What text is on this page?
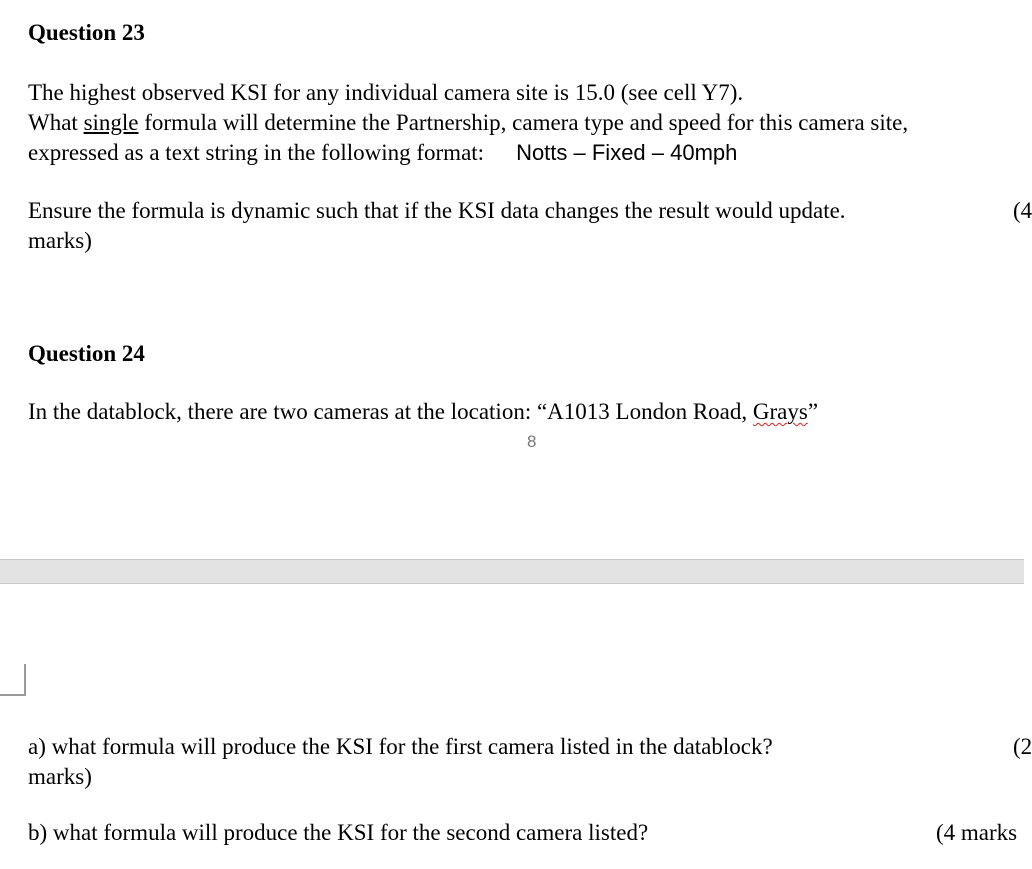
Question 23
The highest observed KSI for any individual camera site is 15.0 (see cell Y7).
What single formula will determine the Partnership, camera type and speed for this camera site,
expressed as a text string in the following format: Notts – Fixed – 40mph
Ensure the formula is dynamic such that if the KSI data changes the result would update.
marks)
(4
Question 24
In the datablock, there are two cameras at the location: “A1013 London Road, Grays”
8
a) what formula will produce the KSI for the first camera listed in the datablock?
marks)
(2
b) what formula will produce the KSI for the second camera listed?	(4 marks
